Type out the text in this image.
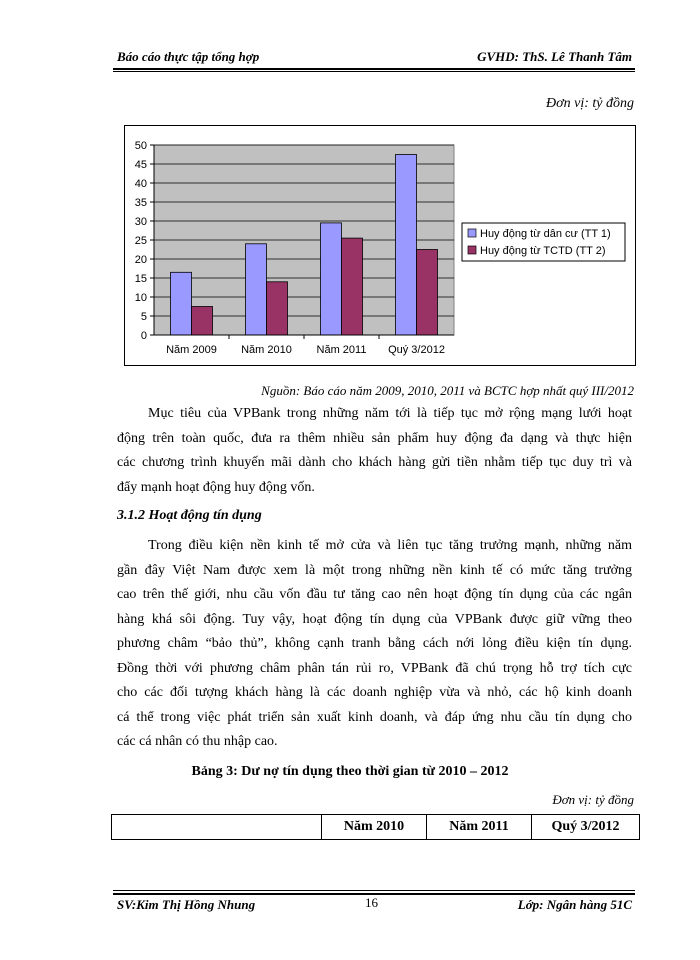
Báo cáo thực tập tổng hợp	GVHD: ThS. Lê Thanh Tâm
Đơn vị: tỷ đồng
0
5
10
15
20
25
30
35
40
45
50
Năm 2009 Năm 2010 Năm 2011 Quý 3/2012
Huy động từ dân cư (TT 1)
Huy động từ TCTD (TT 2)
Nguồn: Báo cáo năm 2009, 2010, 2011 và BCTC hợp nhất quý III/2012
Mục tiêu của VPBank trong những năm tới là tiếp tục mở rộng mạng lưới hoạt
động trên toàn quốc, đưa ra thêm nhiều sản phẩm huy động đa dạng và thực hiện
các chương trình khuyến mãi dành cho khách hàng gửi tiền nhằm tiếp tục duy trì và
đẩy mạnh hoạt động huy động vốn.
3.1.2 Hoạt động tín dụng
Trong điều kiện nền kinh tế mở cửa và liên tục tăng trưởng mạnh, những năm
gần đây Việt Nam được xem là một trong những nền kinh tế có mức tăng trưởng
cao trên thế giới, nhu cầu vốn đầu tư tăng cao nên hoạt động tín dụng của các ngân
hàng khá sôi động. Tuy vậy, hoạt động tín dụng của VPBank được giữ vững theo
phương châm “bảo thủ”, không cạnh tranh bằng cách nới lỏng điều kiện tín dụng.
Đồng thời với phương châm phân tán rủi ro, VPBank đã chú trọng hỗ trợ tích cực
cho các đối tượng khách hàng là các doanh nghiệp vừa và nhỏ, các hộ kinh doanh
cá thể trong việc phát triển sản xuất kinh doanh, và đáp ứng nhu cầu tín dụng cho
các cá nhân có thu nhập cao.
Bảng 3: Dư nợ tín dụng theo thời gian từ 2010 – 2012
Đơn vị: tỷ đồng
	Năm 2010	Năm 2011	Quý 3/2012
SV:Kim Thị Hồng Nhung	16	Lớp: Ngân hàng 51C
